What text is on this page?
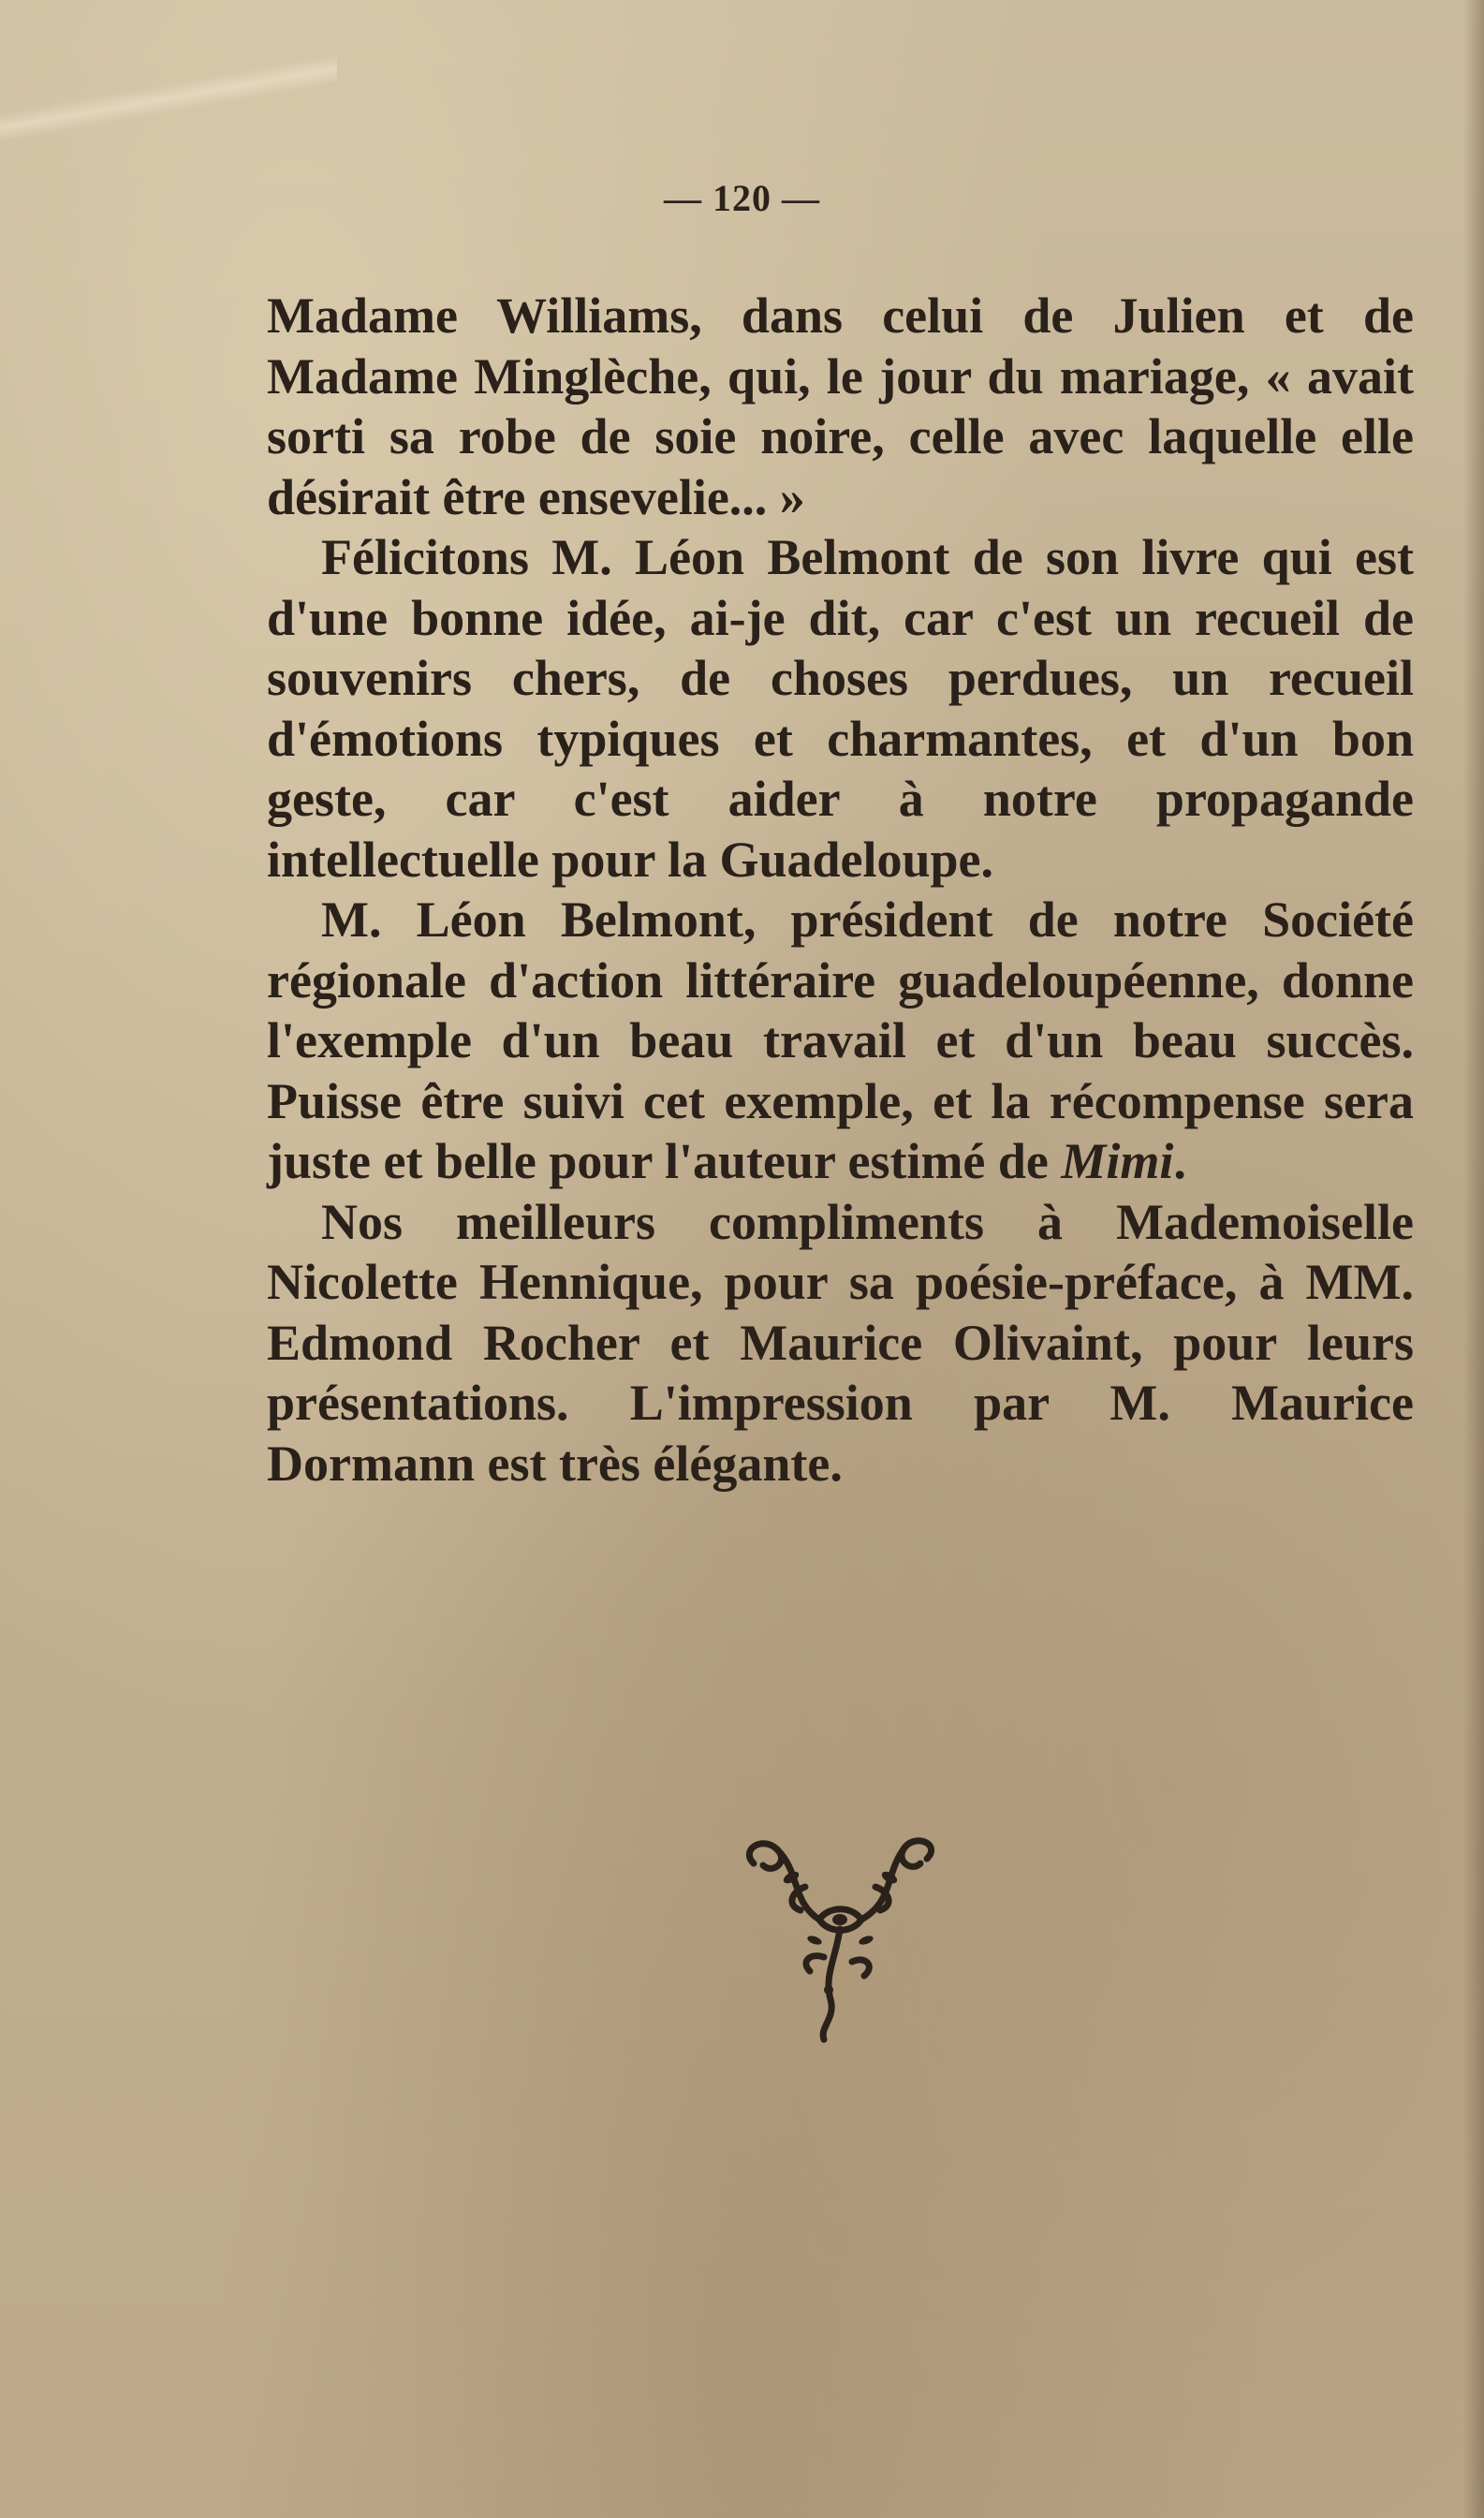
— 120 —

Madame Williams, dans celui de Julien et de Madame Minglèche, qui, le jour du mariage, « avait sorti sa robe de soie noire, celle avec laquelle elle désirait être ensevelie... »

Félicitons M. Léon Belmont de son livre qui est d'une bonne idée, ai-je dit, car c'est un recueil de souvenirs chers, de choses perdues, un recueil d'émotions typiques et charmantes, et d'un bon geste, car c'est aider à notre propagande intellectuelle pour la Guadeloupe.

M. Léon Belmont, président de notre Société régionale d'action littéraire guadeloupéenne, donne l'exemple d'un beau travail et d'un beau succès. Puisse être suivi cet exemple, et la récompense sera juste et belle pour l'auteur estimé de Mimi.

Nos meilleurs compliments à Mademoiselle Nicolette Hennique, pour sa poésie-préface, à MM. Edmond Rocher et Maurice Olivaint, pour leurs présentations. L'impression par M. Maurice Dormann est très élégante.
